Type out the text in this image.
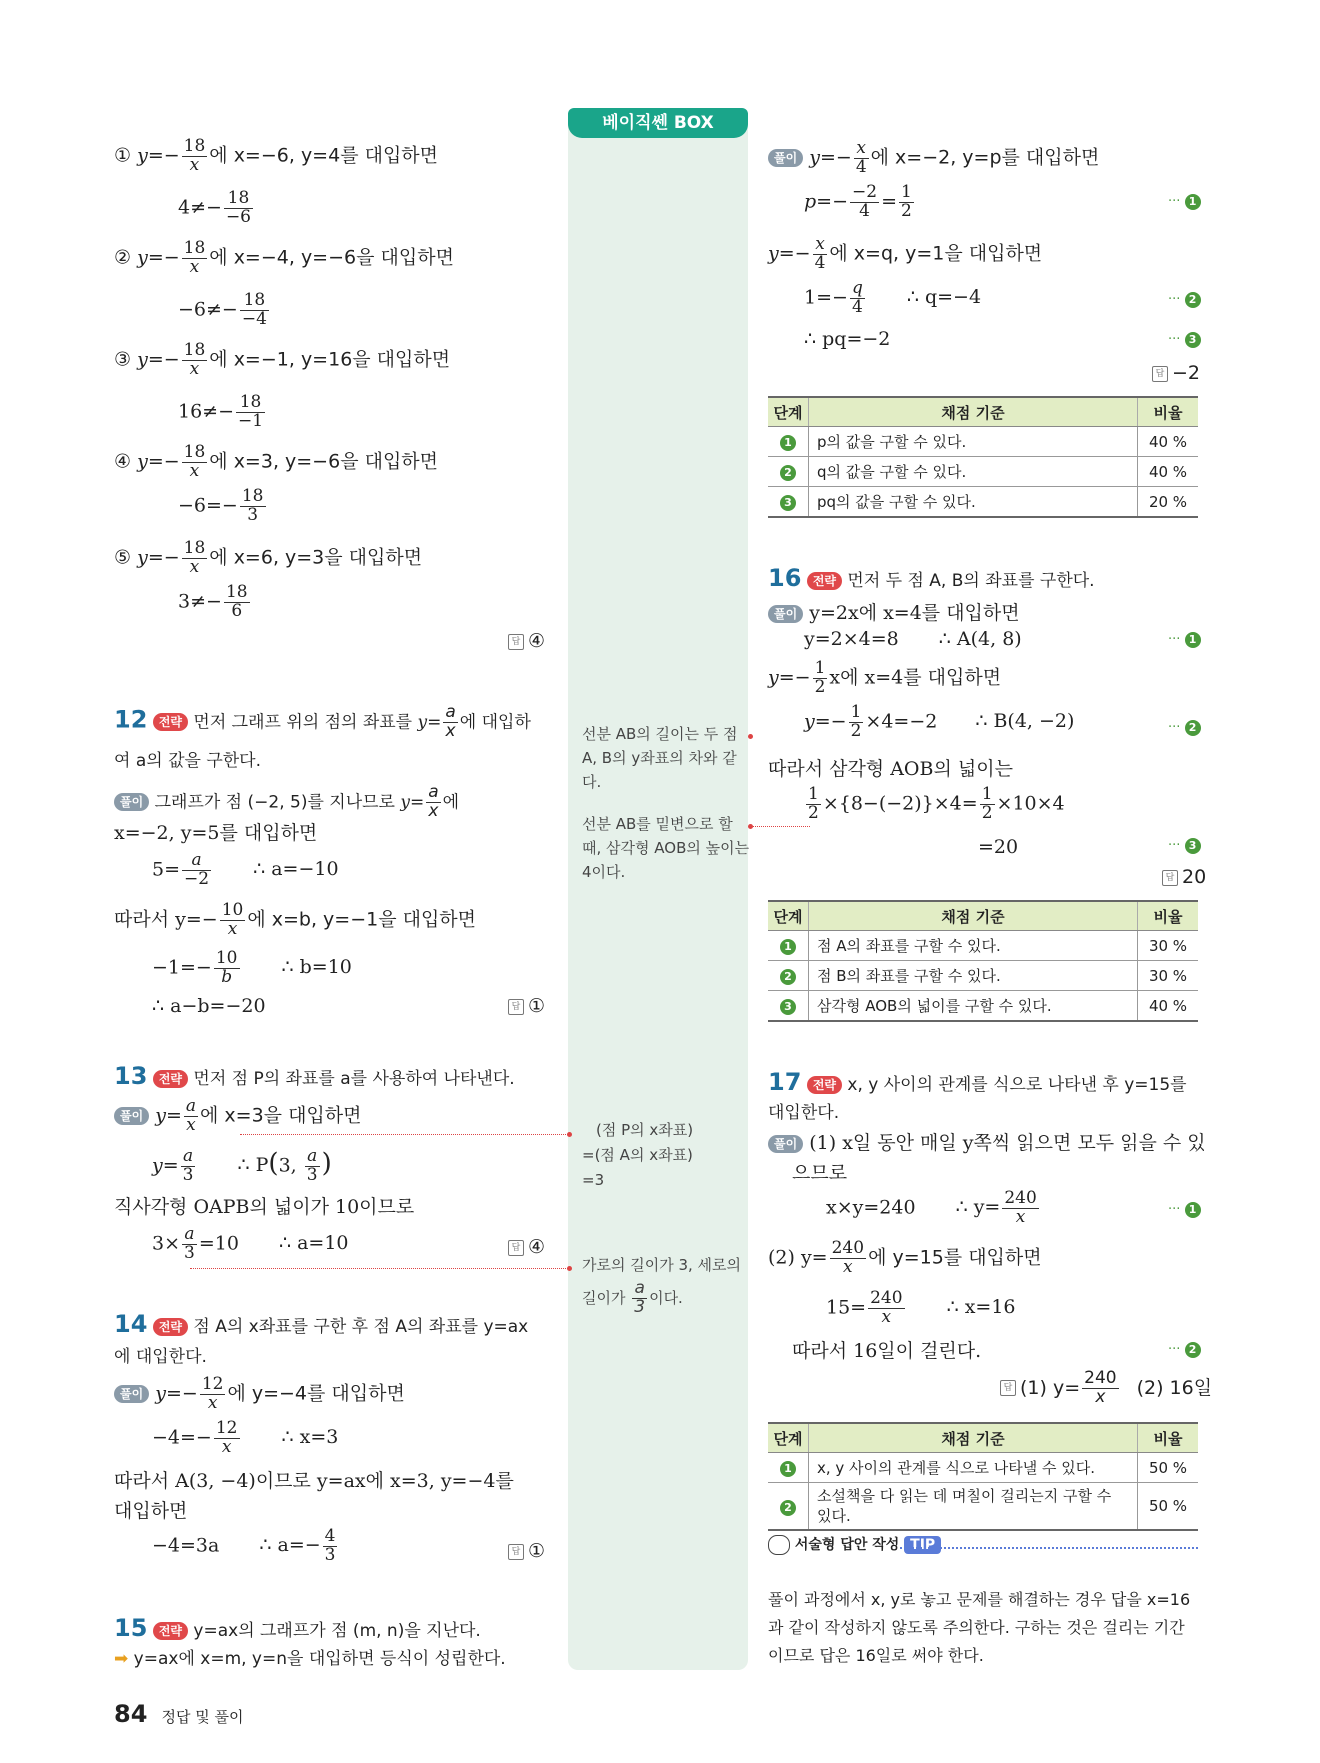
베이직쎈 BOX
선분 AB의 길이는 두 점 A, B의 y좌표의 차와 같다.
선분 AB를 밑변으로 할 때, 삼각형 AOB의 높이는 4이다.
(점 P의 x좌표)
=(점 A의 x좌표)
=3
가로의 길이가 3, 세로의 길이가 $\frac{a}{3}$ 이다.
① $y=- \frac{18}{x}$ 에 x=−6, y=4를 대입하면
$4\ne- \frac{18}{-6}$
② $y=- \frac{18}{x}$ 에 x=−4, y=−6을 대입하면
$-6\ne- \frac{18}{-4}$
③ $y=- \frac{18}{x}$ 에 x=−1, y=16을 대입하면
$16\ne- \frac{18}{-1}$
④ $y=- \frac{18}{x}$ 에 x=3, y=−6을 대입하면
$-6=- \frac{18}{3}$
⑤ $y=- \frac{18}{x}$ 에 x=6, y=3을 대입하면
$3\ne- \frac{18}{6}$
답 ④
12 전략 먼저 그래프 위의 점의 좌표를 $y= \frac{a}{x}$ 에 대입하
여 a의 값을 구한다.
풀이 그래프가 점 (−2, 5)를 지나므로 $y= \frac{a}{x}$ 에
x=−2, y=5를 대입하면
$5= \frac{a}{-2}$ ∴ a=−10
따라서 $y=- \frac{10}{x}$ 에 x=b, y=−1을 대입하면
$-1=- \frac{10}{b}$ ∴ b=10
∴ a−b=−20	답 ①
13 전략 먼저 점 P의 좌표를 a를 사용하여 나타낸다.
풀이 $y= \frac{a}{x}$ 에 x=3을 대입하면
$y= \frac{a}{3}$ ∴ P(3, $\frac{a}{3}$ )
직사각형 OAPB의 넓이가 10이므로
$3\times \frac{a}{3} =10$ ∴ a=10	답 ④
14 전략 점 A의 x좌표를 구한 후 점 A의 좌표를 y=ax
에 대입한다.
풀이 $y=- \frac{12}{x}$ 에 y=−4를 대입하면
$-4=- \frac{12}{x}$ ∴ x=3
따라서 A(3, −4)이므로 y=ax에 x=3, y=−4를
대입하면
−4=3a ∴ $a=- \frac{4}{3}$	답 ①
15 전략 y=ax의 그래프가 점 (m, n)을 지난다.
➡ y=ax에 x=m, y=n을 대입하면 등식이 성립한다.
풀이 $y=- \frac{x}{4}$ 에 x=−2, y=p를 대입하면
$p=- \frac{-2}{4} = \frac{1}{2}$	··· 1
$y=- \frac{x}{4}$ 에 x=q, y=1을 대입하면
$1=- \frac{q}{4}$ ∴ q=−4	··· 2
∴ pq=−2	··· 3
답 −2
단계	채점 기준	비율
1	p의 값을 구할 수 있다.	40 %
2	q의 값을 구할 수 있다.	40 %
3	pq의 값을 구할 수 있다.	20 %
16 전략 먼저 두 점 A, B의 좌표를 구한다.
풀이 y=2x에 x=4를 대입하면
y=2×4=8 ∴ A(4, 8)	··· 1
$y=- \frac{1}{2}$ x에 x=4를 대입하면
$y=- \frac{1}{2} \times 4=-2$ ∴ B(4, −2)	··· 2
따라서 삼각형 AOB의 넓이는
$\frac{1}{2} \times\{8-(-2)\}\times 4= \frac{1}{2} \times 10\times 4$
=20	··· 3
답 20
단계	채점 기준	비율
1	점 A의 좌표를 구할 수 있다.	30 %
2	점 B의 좌표를 구할 수 있다.	30 %
3	삼각형 AOB의 넓이를 구할 수 있다.	40 %
17 전략 x, y 사이의 관계를 식으로 나타낸 후 y=15를
대입한다.
풀이 (1) x일 동안 매일 y쪽씩 읽으면 모두 읽을 수 있
으므로
x×y=240 ∴ $y= \frac{240}{x}$	··· 1
(2) $y= \frac{240}{x}$ 에 y=15를 대입하면
$15= \frac{240}{x}$ ∴ x=16
따라서 16일이 걸린다.	··· 2
답 (1) $y= \frac{240}{x} (2)$ 16일
단계	채점 기준	비율
1	x, y 사이의 관계를 식으로 나타낼 수 있다.	50 %
2	소설책을 다 읽는 데 며칠이 걸리는지 구할 수 있다.	50 %
서술형 답안 작성 TIP
풀이 과정에서 x, y로 놓고 문제를 해결하는 경우 답을 x=16
과 같이 작성하지 않도록 주의한다. 구하는 것은 걸리는 기간
이므로 답은 16일로 써야 한다.
84 정답 및 풀이
